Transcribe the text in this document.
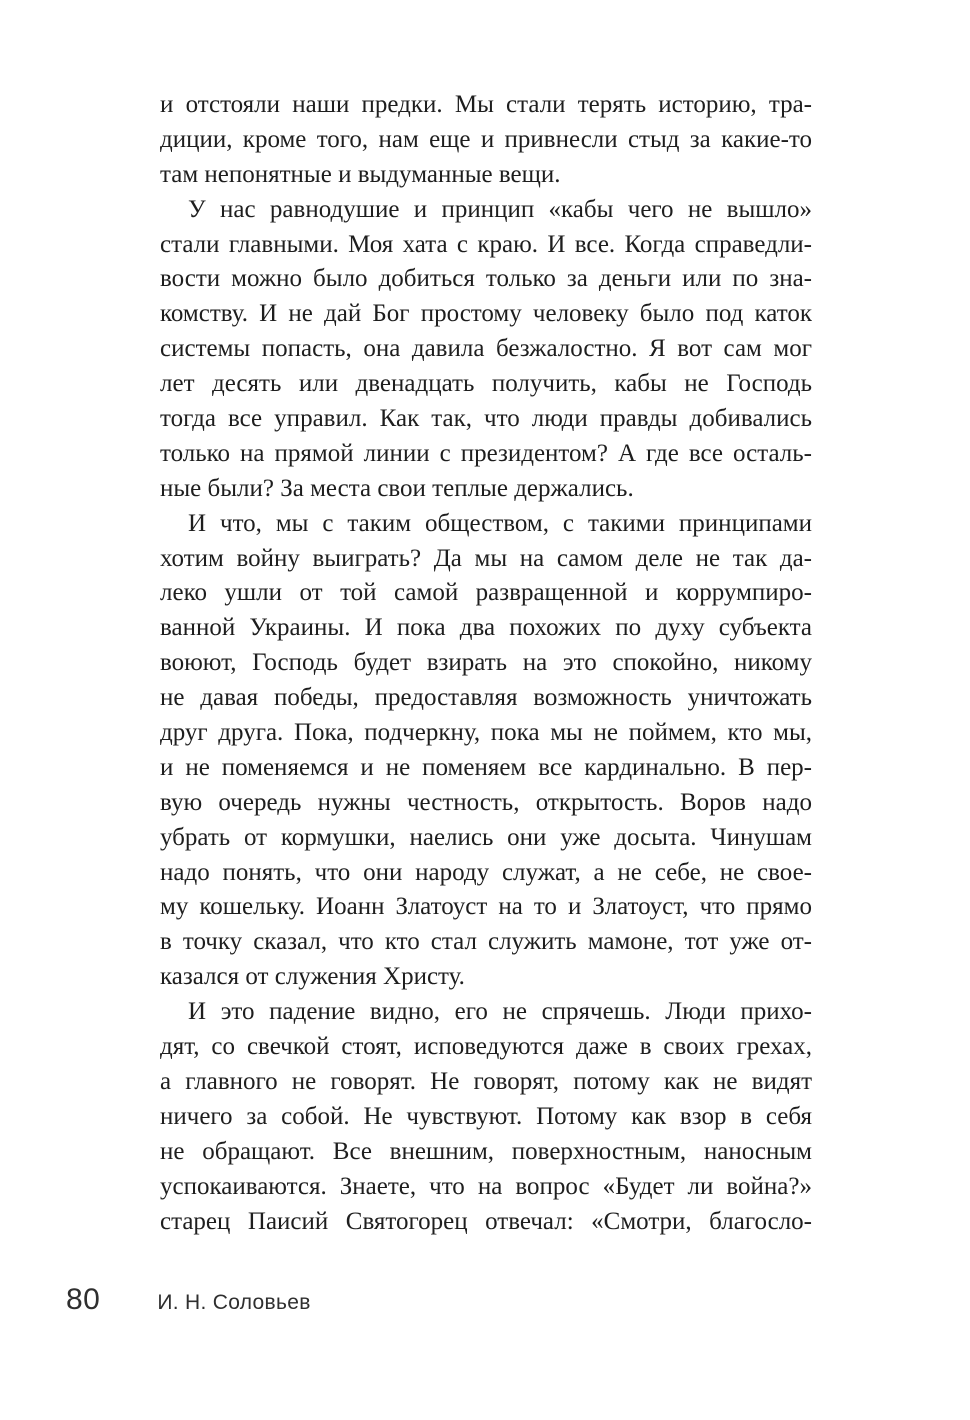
и отстояли наши предки. Мы стали терять историю, тра-
диции, кроме того, нам еще и привнесли стыд за какие-то
там непонятные и выдуманные вещи.
У нас равнодушие и принцип «кабы чего не вышло»
стали главными. Моя хата с краю. И все. Когда справедли-
вости можно было добиться только за деньги или по зна-
комству. И не дай Бог простому человеку было под каток
системы попасть, она давила безжалостно. Я вот сам мог
лет десять или двенадцать получить, кабы не Господь
тогда все управил. Как так, что люди правды добивались
только на прямой линии с президентом? А где все осталь-
ные были? За места свои теплые держались.
И что, мы с таким обществом, с такими принципами
хотим войну выиграть? Да мы на самом деле не так да-
леко ушли от той самой развращенной и коррумпиро-
ванной Украины. И пока два похожих по духу субъекта
воюют, Господь будет взирать на это спокойно, никому
не давая победы, предоставляя возможность уничтожать
друг друга. Пока, подчеркну, пока мы не поймем, кто мы,
и не поменяемся и не поменяем все кардинально. В пер-
вую очередь нужны честность, открытость. Воров надо
убрать от кормушки, наелись они уже досыта. Чинушам
надо понять, что они народу служат, а не себе, не свое-
му кошельку. Иоанн Златоуст на то и Златоуст, что прямо
в точку сказал, что кто стал служить мамоне, тот уже от-
казался от служения Христу.
И это падение видно, его не спрячешь. Люди прихо-
дят, со свечкой стоят, исповедуются даже в своих грехах,
а главного не говорят. Не говорят, потому как не видят
ничего за собой. Не чувствуют. Потому как взор в себя
не обращают. Все внешним, поверхностным, наносным
успокаиваются. Знаете, что на вопрос «Будет ли война?»
старец Паисий Святогорец отвечал: «Смотри, благосло-
80	И. Н. Соловьев
